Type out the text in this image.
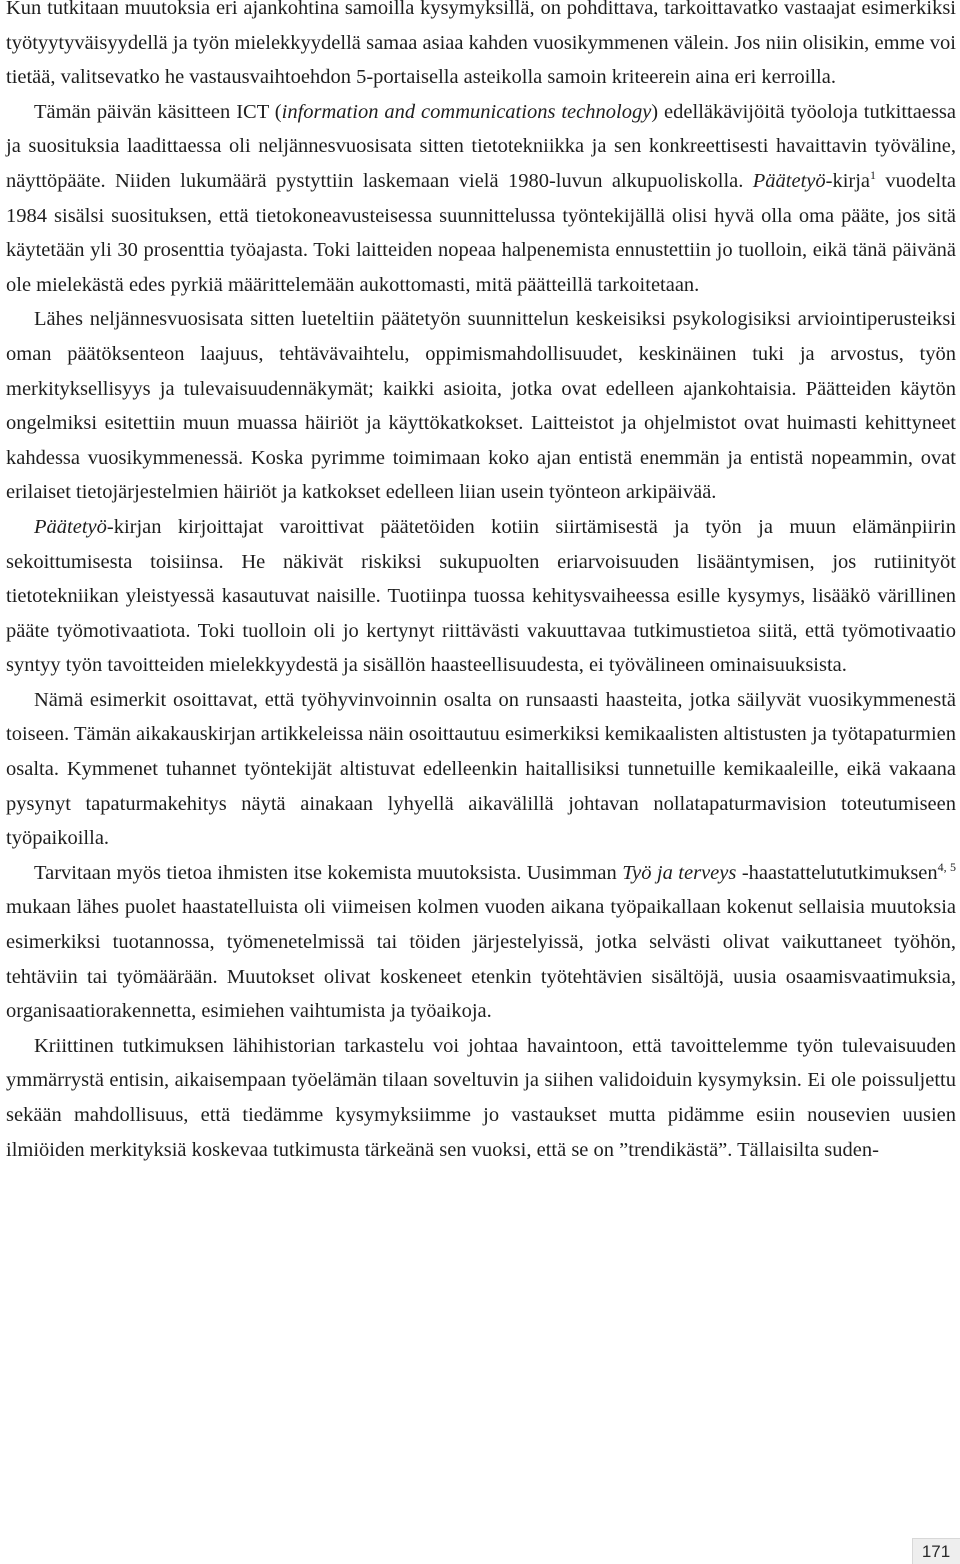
Kun tutkitaan muutoksia eri ajankohtina samoilla kysymyksillä, on pohdittava, tarkoittavatko vastaajat esimerkiksi työtyytyväisyydellä ja työn mielekkyydellä samaa asiaa kahden vuosikymmenen välein. Jos niin olisikin, emme voi tietää, valitsevatko he vastausvaihtoehdon 5-portaisella asteikolla samoin kriteerein aina eri kerroilla.

Tämän päivän käsitteen ICT (information and communications technology) edelläkävijöitä työoloja tutkittaessa ja suosituksia laadittaessa oli neljännesvuosisata sitten tietotekniikka ja sen konkreettisesti havaittavin työväline, näyttöpääte. Niiden lukumäärä pystyttiin laskemaan vielä 1980-luvun alkupuoliskolla. Päätetyö-kirja$^1$ vuodelta 1984 sisälsi suosituksen, että tietokoneavusteisessa suunnittelussa työntekijällä olisi hyvä olla oma pääte, jos sitä käytetään yli 30 prosenttia työajasta. Toki laitteiden nopeaa halpenemista ennustettiin jo tuolloin, eikä tänä päivänä ole mielekästä edes pyrkiä määrittelemään aukottomasti, mitä päätteillä tarkoitetaan.

Lähes neljännesvuosisata sitten lueteltiin päätetyön suunnittelun keskeisiksi psykologisiksi arviointiperusteiksi oman päätöksenteon laajuus, tehtävävaihtelu, oppimismahdollisuudet, keskinäinen tuki ja arvostus, työn merkityksellisyys ja tulevaisuudennäkymät; kaikki asioita, jotka ovat edelleen ajankohtaisia. Päätteiden käytön ongelmiksi esitettiin muun muassa häiriöt ja käyttökatkokset. Laitteistot ja ohjelmistot ovat huimasti kehittyneet kahdessa vuosikymmenessä. Koska pyrimme toimimaan koko ajan entistä enemmän ja entistä nopeammin, ovat erilaiset tietojärjestelmien häiriöt ja katkokset edelleen liian usein työnteon arkipäivää.

Päätetyö-kirjan kirjoittajat varoittivat päätetöiden kotiin siirtämisestä ja työn ja muun elämänpiirin sekoittumisesta toisiinsa. He näkivät riskiksi sukupuolten eriarvoisuuden lisääntymisen, jos rutiinityöt tietotekniikan yleistyessä kasautuvat naisille. Tuotiinpa tuossa kehitysvaiheessa esille kysymys, lisääkö värillinen pääte työmotivaatiota. Toki tuolloin oli jo kertynyt riittävästi vakuuttavaa tutkimustietoa siitä, että työmotivaatio syntyy työn tavoitteiden mielekkyydestä ja sisällön haasteellisuudesta, ei työvälineen ominaisuuksista.

Nämä esimerkit osoittavat, että työhyvinvoinnin osalta on runsaasti haasteita, jotka säilyvät vuosikymmenestä toiseen. Tämän aikakauskirjan artikkeleissa näin osoittautuu esimerkiksi kemikaalisten altistusten ja työtapaturmien osalta. Kymmenet tuhannet työntekijät altistuvat edelleenkin haitallisiksi tunnetuille kemikaaleille, eikä vakaana pysynyt tapaturmakehitys näytä ainakaan lyhyellä aikavälillä johtavan nollatapaturmavision toteutumiseen työpaikoilla.

Tarvitaan myös tietoa ihmisten itse kokemista muutoksista. Uusimman Työ ja terveys -haastattelututkimuksen$^{4, 5}$ mukaan lähes puolet haastatelluista oli viimeisen kolmen vuoden aikana työpaikallaan kokenut sellaisia muutoksia esimerkiksi tuotannossa, työmenetelmissä tai töiden järjestelyissä, jotka selvästi olivat vaikuttaneet työhön, tehtäviin tai työmäärään. Muutokset olivat koskeneet etenkin työtehtävien sisältöjä, uusia osaamisvaatimuksia, organisaatiorakennetta, esimiehen vaihtumista ja työaikoja.

Kriittinen tutkimuksen lähihistorian tarkastelu voi johtaa havaintoon, että tavoittelemme työn tulevaisuuden ymmärrystä entisin, aikaisempaan työelämän tilaan soveltuvin ja siihen validoiduin kysymyksin. Ei ole poissuljettu sekään mahdollisuus, että tiedämme kysymyksiimme jo vastaukset mutta pidämme esiin nousevien uusien ilmiöiden merkityksiä koskevaa tutkimusta tärkeänä sen vuoksi, että se on ”trendikästä”. Tällaisilta suden-

171
